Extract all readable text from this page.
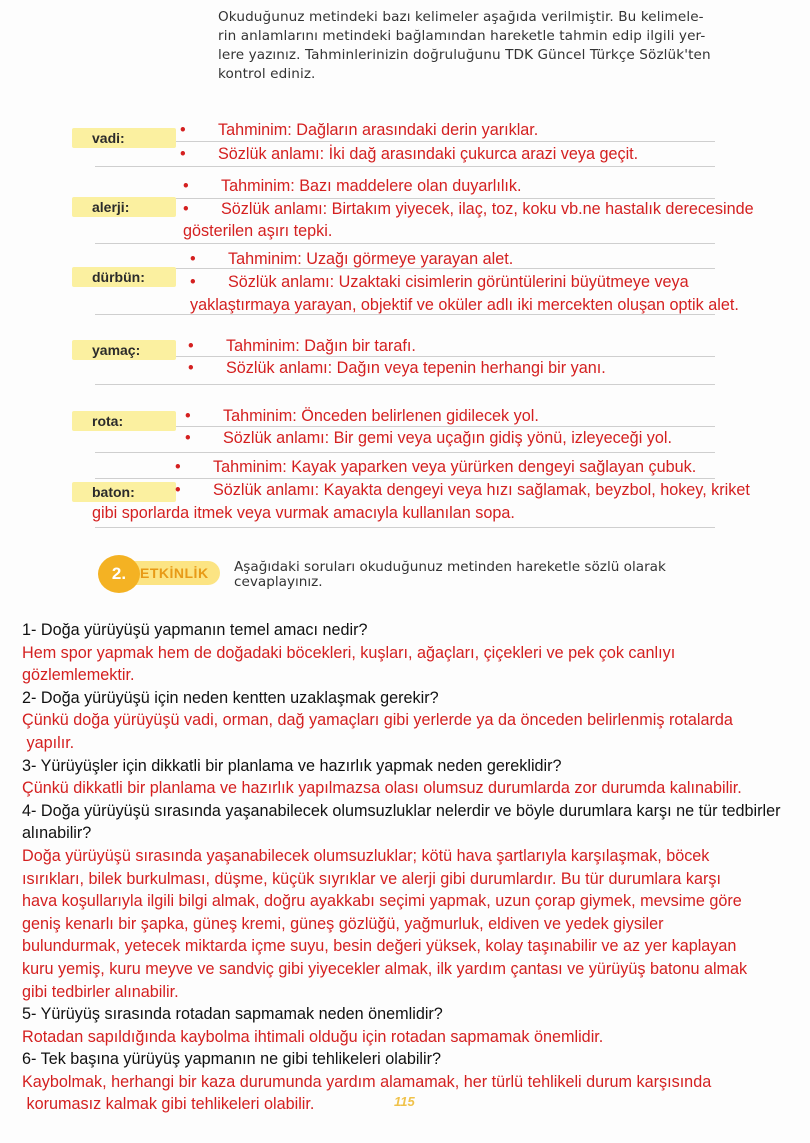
Okuduğunuz metindeki bazı kelimeler aşağıda verilmiştir. Bu kelimele-
rin anlamlarını metindeki bağlamından hareketle tahmin edip ilgili yer-
lere yazınız. Tahminlerinizin doğruluğunu TDK Güncel Türkçe Sözlük'ten
kontrol ediniz.
vadi:	• Tahminim: Dağların arasındaki derin yarıklar.
• Sözlük anlamı: İki dağ arasındaki çukurca arazi veya geçit.
alerji:
• Tahminim: Bazı maddelere olan duyarlılık.
• Sözlük anlamı: Birtakım yiyecek, ilaç, toz, koku vb.ne hastalık derecesinde
gösterilen aşırı tepki.
dürbün:
• Tahminim: Uzağı görmeye yarayan alet.
• Sözlük anlamı: Uzaktaki cisimlerin görüntülerini büyütmeye veya
yaklaştırmaya yarayan, objektif ve oküler adlı iki mercekten oluşan optik alet.
yamaç:	• Tahminim: Dağın bir tarafı.
• Sözlük anlamı: Dağın veya tepenin herhangi bir yanı.
rota:	• Tahminim: Önceden belirlenen gidilecek yol.
• Sözlük anlamı: Bir gemi veya uçağın gidiş yönü, izleyeceği yol.
baton:
• Tahminim: Kayak yaparken veya yürürken dengeyi sağlayan çubuk.
• Sözlük anlamı: Kayakta dengeyi veya hızı sağlamak, beyzbol, hokey, kriket
gibi sporlarda itmek veya vurmak amacıyla kullanılan sopa.
ETKİNLİK
2.	Aşağıdaki soruları okuduğunuz metinden hareketle sözlü olarak
cevaplayınız.

1- Doğa yürüyüşü yapmanın temel amacı nedir?

Hem spor yapmak hem de doğadaki böcekleri, kuşları, ağaçları, çiçekleri ve pek çok canlıyı

gözlemlemektir.

2- Doğa yürüyüşü için neden kentten uzaklaşmak gerekir?

Çünkü doğa yürüyüşü vadi, orman, dağ yamaçları gibi yerlerde ya da önceden belirlenmiş rotalarda

yapılır.

3- Yürüyüşler için dikkatli bir planlama ve hazırlık yapmak neden gereklidir?

Çünkü dikkatli bir planlama ve hazırlık yapılmazsa olası olumsuz durumlarda zor durumda kalınabilir.

4- Doğa yürüyüşü sırasında yaşanabilecek olumsuzluklar nelerdir ve böyle durumlara karşı ne tür tedbirler alınabilir?

Doğa yürüyüşü sırasında yaşanabilecek olumsuzluklar; kötü hava şartlarıyla karşılaşmak, böcek

ısırıkları, bilek burkulması, düşme, küçük sıyrıklar ve alerji gibi durumlardır. Bu tür durumlara karşı

hava koşullarıyla ilgili bilgi almak, doğru ayakkabı seçimi yapmak, uzun çorap giymek, mevsime göre

geniş kenarlı bir şapka, güneş kremi, güneş gözlüğü, yağmurluk, eldiven ve yedek giysiler

bulundurmak, yetecek miktarda içme suyu, besin değeri yüksek, kolay taşınabilir ve az yer kaplayan

kuru yemiş, kuru meyve ve sandviç gibi yiyecekler almak, ilk yardım çantası ve yürüyüş batonu almak

gibi tedbirler alınabilir.

5- Yürüyüş sırasında rotadan sapmamak neden önemlidir?

Rotadan sapıldığında kaybolma ihtimali olduğu için rotadan sapmamak önemlidir.

6- Tek başına yürüyüş yapmanın ne gibi tehlikeleri olabilir?

Kaybolmak, herhangi bir kaza durumunda yardım alamamak, her türlü tehlikeli durum karşısında

korumasız kalmak gibi tehlikeleri olabilir.	115
